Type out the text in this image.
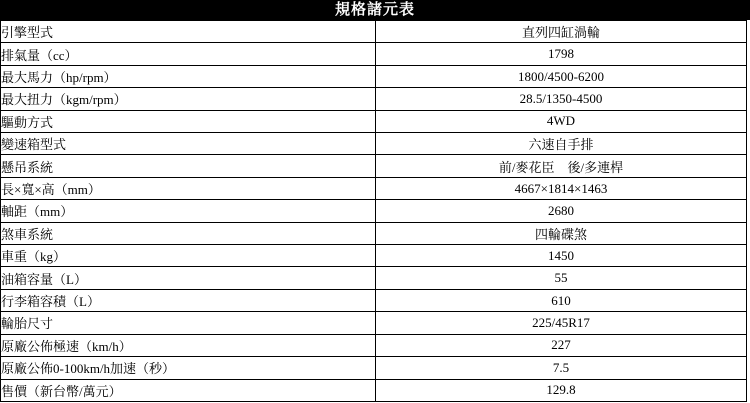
規格諸元表
引擎型式	直列四缸渦輪
排氣量（cc）	1798
最大馬力（hp/rpm）	1800/4500-6200
最大扭力（kgm/rpm）	28.5/1350-4500
驅動方式	4WD
變速箱型式	六速自手排
懸吊系統	前/麥花臣　後/多連桿
長×寬×高（mm）	4667×1814×1463
軸距（mm）	2680
煞車系統	四輪碟煞
車重（kg）	1450
油箱容量（L）	55
行李箱容積（L）	610
輪胎尺寸	225/45R17
原廠公佈極速（km/h）	227
原廠公佈0-100km/h加速（秒）	7.5
售價（新台幣/萬元）	129.8
